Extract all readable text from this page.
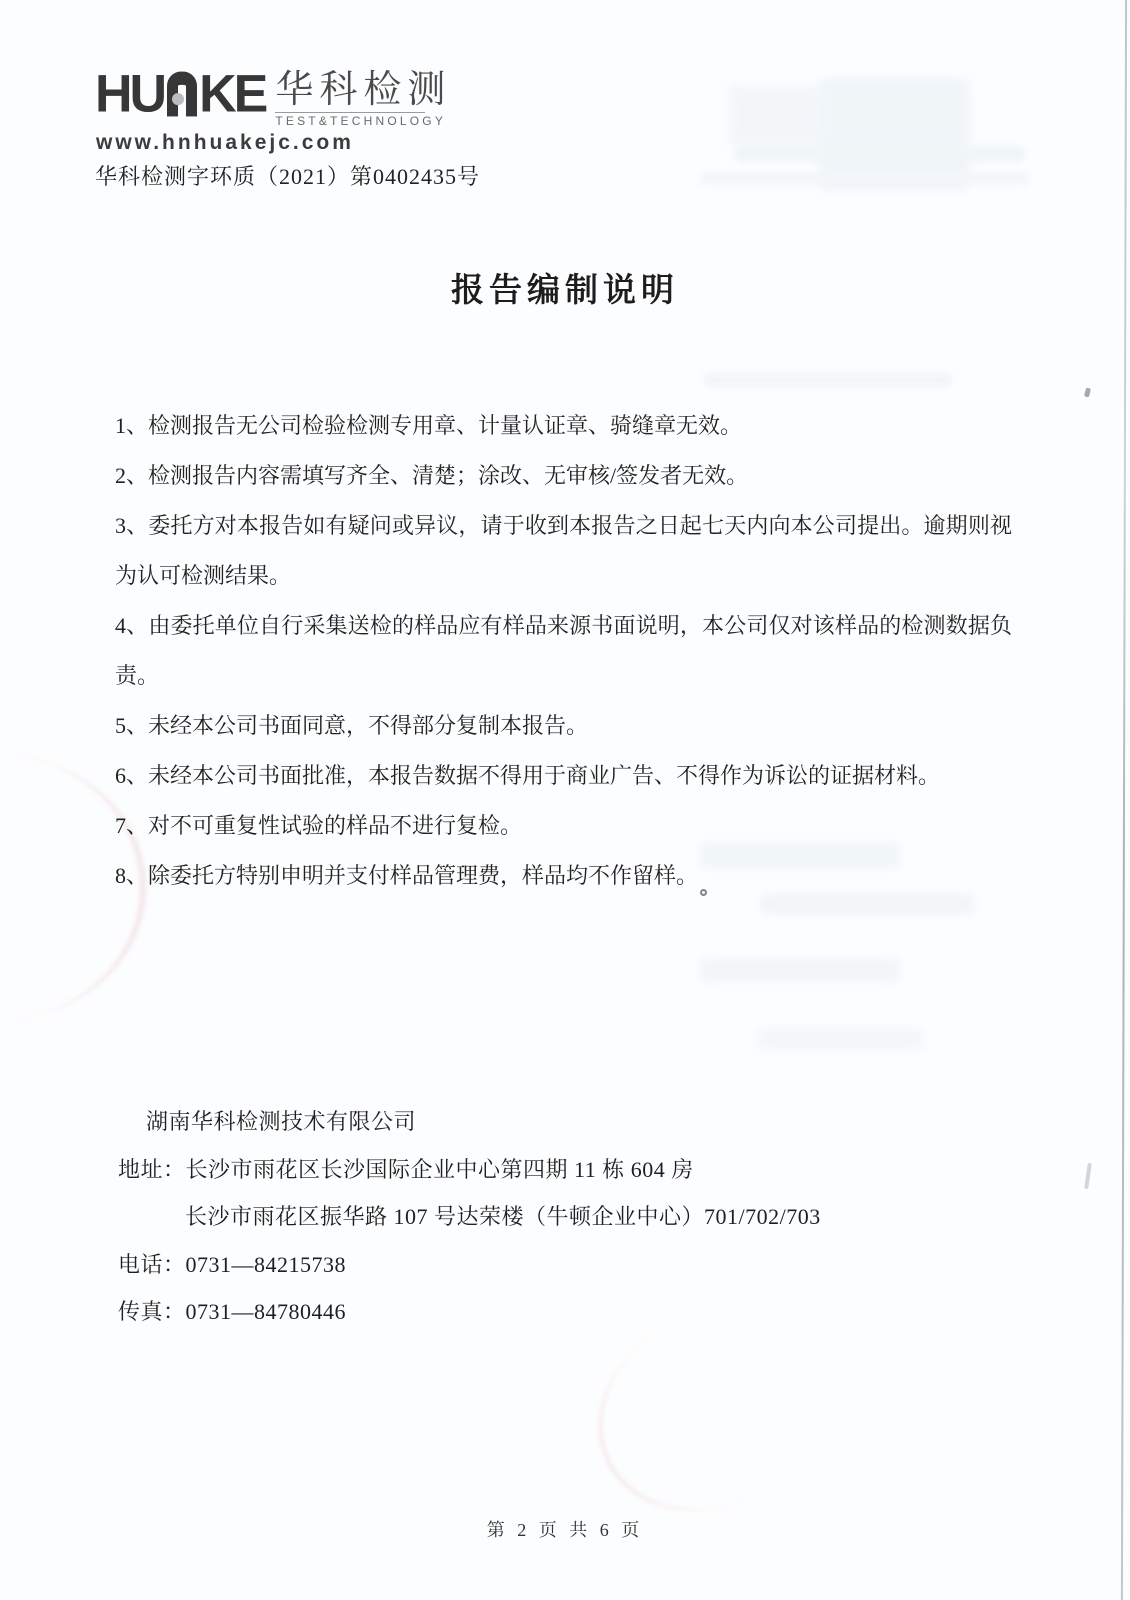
HU KE 华科检测
TEST&TECHNOLOGY
www.hnhuakejc.com
华科检测字环质（2021）第0402435号
报告编制说明
1、检测报告无公司检验检测专用章、计量认证章、骑缝章无效。
2、检测报告内容需填写齐全、清楚；涂改、无审核/签发者无效。
3、委托方对本报告如有疑问或异议，请于收到本报告之日起七天内向本公司提出。逾期则视为认可检测结果。
4、由委托单位自行采集送检的样品应有样品来源书面说明，本公司仅对该样品的检测数据负责。
5、未经本公司书面同意，不得部分复制本报告。
6、未经本公司书面批准，本报告数据不得用于商业广告、不得作为诉讼的证据材料。
7、对不可重复性试验的样品不进行复检。
8、除委托方特别申明并支付样品管理费，样品均不作留样。
湖南华科检测技术有限公司
地址：长沙市雨花区长沙国际企业中心第四期 11 栋 604 房
长沙市雨花区振华路 107 号达荣楼（牛顿企业中心）701/702/703
电话：0731—84215738
传真：0731—84780446
第 2 页 共 6 页
